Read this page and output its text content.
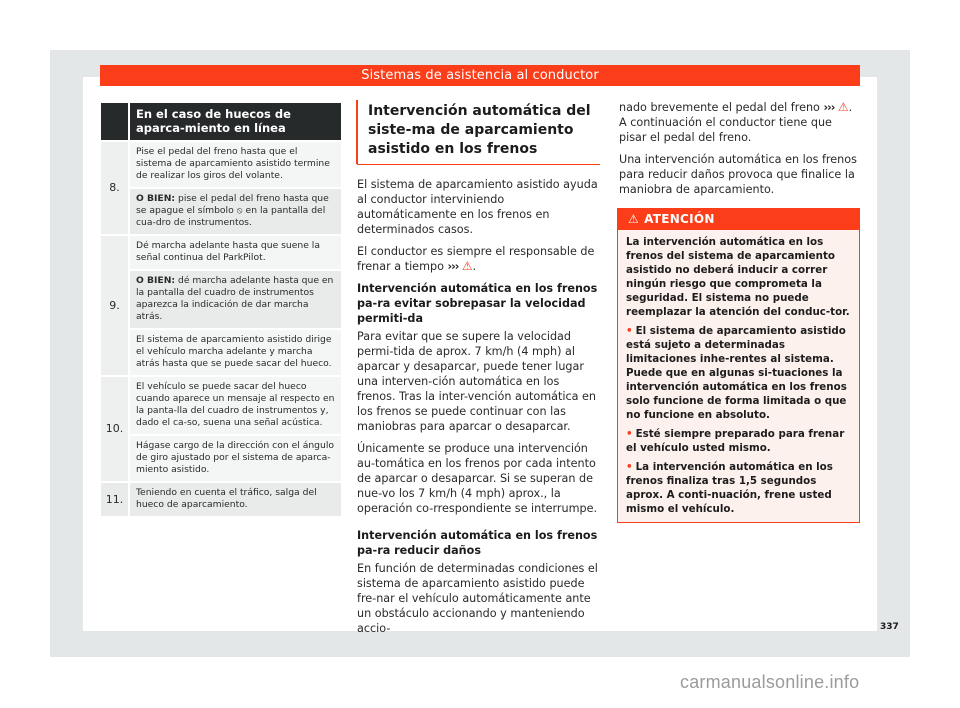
Sistemas de asistencia al conductor
En el caso de huecos de aparca-miento en línea
8.
Pise el pedal del freno hasta que el sistema de aparcamiento asistido termine de realizar los giros del volante.
O BIEN: pise el pedal del freno hasta que se apague el símbolo ⦸ en la pantalla del cua-dro de instrumentos.
9.
Dé marcha adelante hasta que suene la señal continua del ParkPilot.
O BIEN: dé marcha adelante hasta que en la pantalla del cuadro de instrumentos aparezca la indicación de dar marcha atrás.
El sistema de aparcamiento asistido dirige el vehículo marcha adelante y marcha atrás hasta que se puede sacar del hueco.
10.
El vehículo se puede sacar del hueco cuando aparece un mensaje al respecto en la panta-lla del cuadro de instrumentos y, dado el ca-so, suena una señal acústica.
Hágase cargo de la dirección con el ángulo de giro ajustado por el sistema de aparca-miento asistido.
11.	Teniendo en cuenta el tráfico, salga del hueco de aparcamiento.
Intervención automática del siste-ma de aparcamiento asistido en los frenos
El sistema de aparcamiento asistido ayuda al conductor interviniendo automáticamente en los frenos en determinados casos.
El conductor es siempre el responsable de frenar a tiempo ››› ⚠.
Intervención automática en los frenos pa-ra evitar sobrepasar la velocidad permiti-da
Para evitar que se supere la velocidad permi-tida de aprox. 7 km/h (4 mph) al aparcar y desaparcar, puede tener lugar una interven-ción automática en los frenos. Tras la inter-vención automática en los frenos se puede continuar con las maniobras para aparcar o desaparcar.
Únicamente se produce una intervención au-tomática en los frenos por cada intento de aparcar o desaparcar. Si se superan de nue-vo los 7 km/h (4 mph) aprox., la operación co-rrespondiente se interrumpe.
Intervención automática en los frenos pa-ra reducir daños
En función de determinadas condiciones el sistema de aparcamiento asistido puede fre-nar el vehículo automáticamente ante un obstáculo accionando y manteniendo accio-
nado brevemente el pedal del freno ››› ⚠. A continuación el conductor tiene que pisar el pedal del freno.
Una intervención automática en los frenos para reducir daños provoca que finalice la maniobra de aparcamiento.
⚠ ATENCIÓN
La intervención automática en los frenos del sistema de aparcamiento asistido no deberá inducir a correr ningún riesgo que comprometa la seguridad. El sistema no puede reemplazar la atención del conduc-tor.
• El sistema de aparcamiento asistido está sujeto a determinadas limitaciones inhe-rentes al sistema. Puede que en algunas si-tuaciones la intervención automática en los frenos solo funcione de forma limitada o que no funcione en absoluto.
• Esté siempre preparado para frenar el vehículo usted mismo.
• La intervención automática en los frenos finaliza tras 1,5 segundos aprox. A conti-nuación, frene usted mismo el vehículo.
337
carmanualsonline.info
